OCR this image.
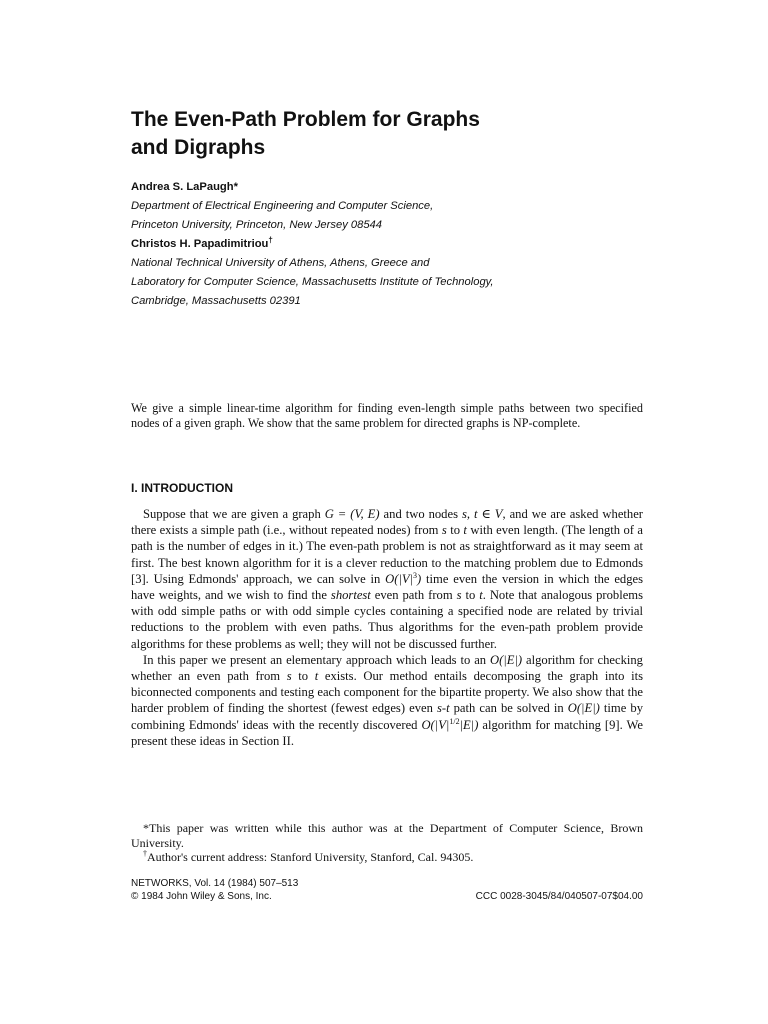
The Even-Path Problem for Graphs
and Digraphs
Andrea S. LaPaugh*
Department of Electrical Engineering and Computer Science,
Princeton University, Princeton, New Jersey 08544
Christos H. Papadimitriou†
National Technical University of Athens, Athens, Greece and
Laboratory for Computer Science, Massachusetts Institute of Technology,
Cambridge, Massachusetts 02391

We give a simple linear-time algorithm for finding even-length simple paths between two specified nodes of a given graph. We show that the same problem for directed graphs is NP-complete.

I. INTRODUCTION

Suppose that we are given a graph G = (V, E) and two nodes s, t ∈ V, and we are asked whether there exists a simple path (i.e., without repeated nodes) from s to t with even length. (The length of a path is the number of edges in it.) The even-path problem is not as straightforward as it may seem at first. The best known algorithm for it is a clever reduction to the matching problem due to Edmonds [3]. Using Edmonds' approach, we can solve in $O(|V|^3)$ time even the version in which the edges have weights, and we wish to find the shortest even path from s to t. Note that analogous problems with odd simple paths or with odd simple cycles containing a specified node are related by trivial reductions to the problem with even paths. Thus algorithms for the even-path problem provide algorithms for these problems as well; they will not be discussed further.

In this paper we present an elementary approach which leads to an O(|E|) algorithm for checking whether an even path from s to t exists. Our method entails decomposing the graph into its biconnected components and testing each component for the bipartite property. We also show that the harder problem of finding the shortest (fewest edges) even s-t path can be solved in O(|E|) time by combining Edmonds' ideas with the recently discovered $O(|V|^{1/2}|E|)$ algorithm for matching [9]. We present these ideas in Section II.

*This paper was written while this author was at the Department of Computer Science, Brown University.

†Author's current address: Stanford University, Stanford, Cal. 94305.

NETWORKS, Vol. 14 (1984) 507–513
© 1984 John Wiley & Sons, Inc.	CCC 0028-3045/84/040507-07$04.00
